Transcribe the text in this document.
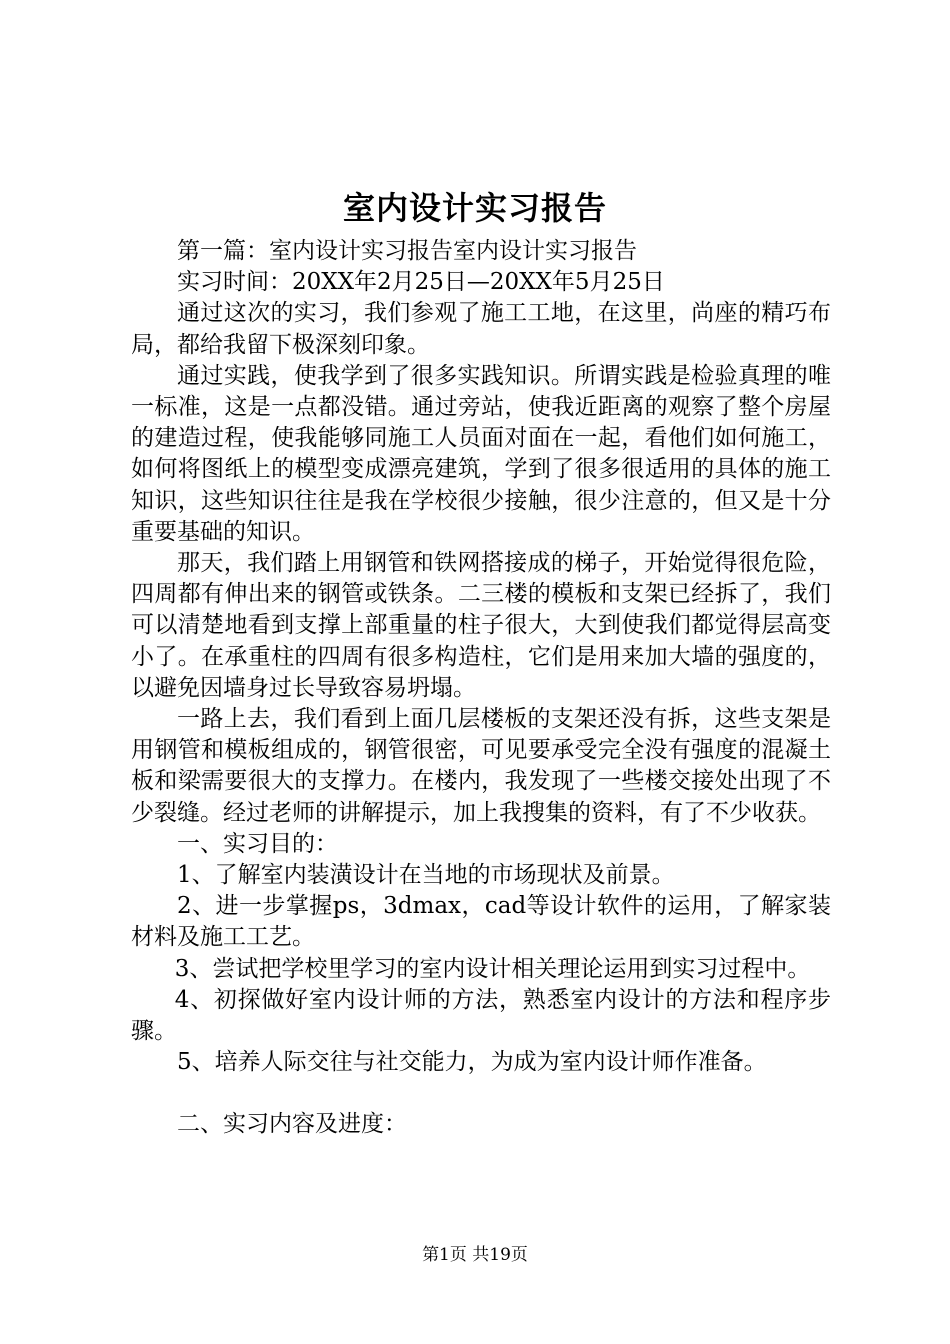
室内设计实习报告

第一篇：室内设计实习报告室内设计实习报告

实习时间：20XX年2月25日—20XX年5月25日

通过这次的实习，我们参观了施工工地，在这里，尚座的精巧布局，都给我留下极深刻印象。

通过实践，使我学到了很多实践知识。所谓实践是检验真理的唯一标准，这是一点都没错。通过旁站，使我近距离的观察了整个房屋的建造过程，使我能够同施工人员面对面在一起，看他们如何施工，如何将图纸上的模型变成漂亮建筑，学到了很多很适用的具体的施工知识，这些知识往往是我在学校很少接触，很少注意的，但又是十分重要基础的知识。

那天，我们踏上用钢管和铁网搭接成的梯子，开始觉得很危险，四周都有伸出来的钢管或铁条。二三楼的模板和支架已经拆了，我们可以清楚地看到支撑上部重量的柱子很大，大到使我们都觉得层高变小了。在承重柱的四周有很多构造柱，它们是用来加大墙的强度的，以避免因墙身过长导致容易坍塌。

一路上去，我们看到上面几层楼板的支架还没有拆，这些支架是用钢管和模板组成的，钢管很密，可见要承受完全没有强度的混凝土板和梁需要很大的支撑力。在楼内，我发现了一些楼交接处出现了不少裂缝。经过老师的讲解提示，加上我搜集的资料，有了不少收获。

一、实习目的：

1、了解室内装潢设计在当地的市场现状及前景。

2、进一步掌握ps，3dmax，cad等设计软件的运用，了解家装材料及施工工艺。

3、尝试把学校里学习的室内设计相关理论运用到实习过程中。

4、初探做好室内设计师的方法，熟悉室内设计的方法和程序步骤。

5、培养人际交往与社交能力，为成为室内设计师作准备。

二、实习内容及进度：

第1页 共19页
